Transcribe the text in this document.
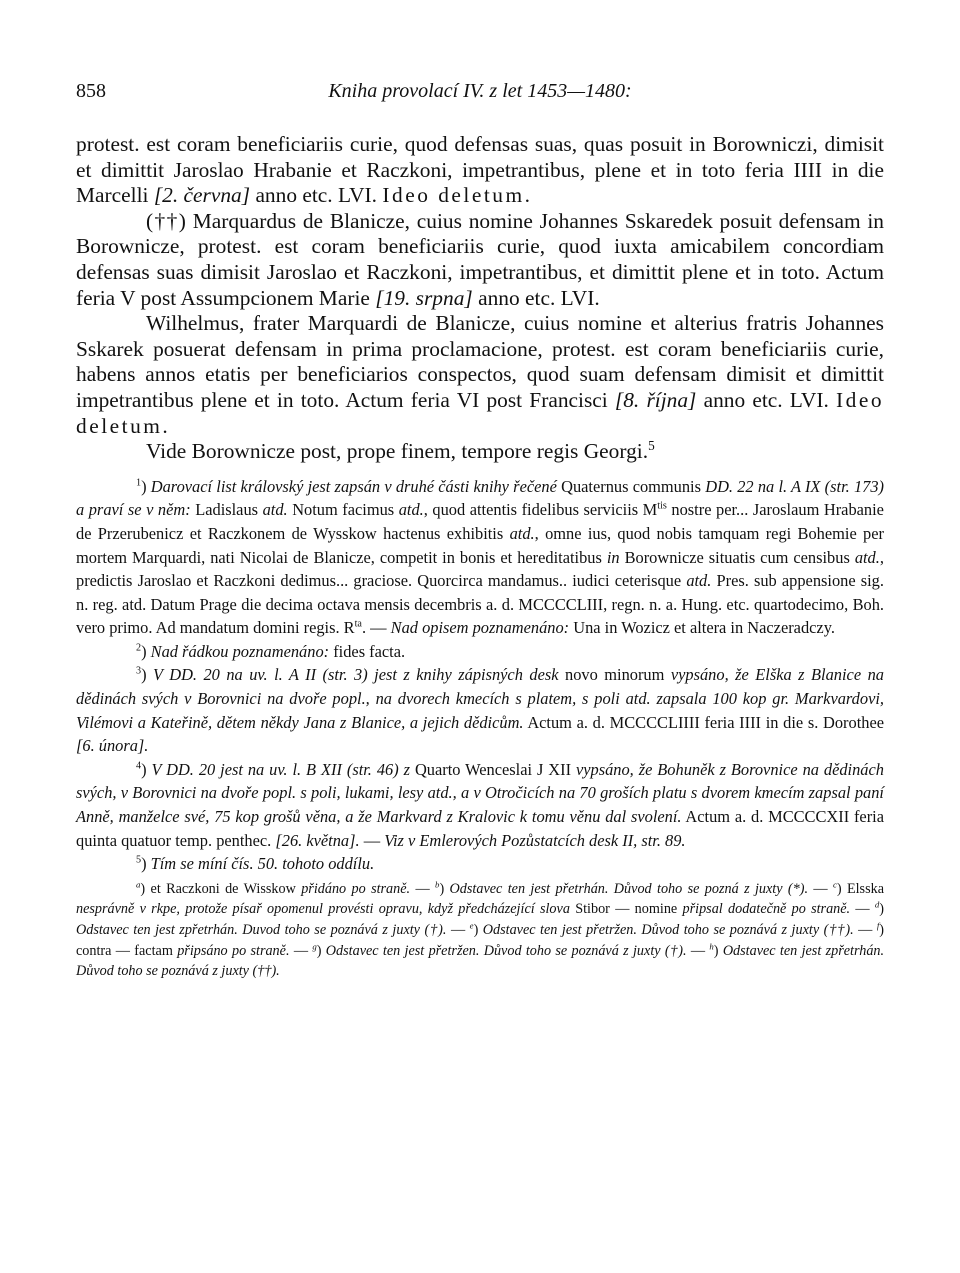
858	Kniha provolací IV. z let 1453—1480:

protest. est coram beneficiariis curie, quod defensas suas, quas posuit in Borowniczi, dimisit et dimittit Jaroslao Hrabanie et Raczkoni, impetrantibus, plene et in toto feria IIII in die Marcelli [2. června] anno etc. LVI. Ideo deletum.

(††) Marquardus de Blanicze, cuius nomine Johannes Sskaredek posuit defensam in Borownicze, protest. est coram beneficiariis curie, quod iuxta amicabilem concordiam defensas suas dimisit Jaroslao et Raczkoni, impetrantibus, et dimittit plene et in toto. Actum feria V post Assumpcionem Marie [19. srpna] anno etc. LVI.

Wilhelmus, frater Marquardi de Blanicze, cuius nomine et alterius fratris Johannes Sskarek posuerat defensam in prima proclamacione, protest. est coram beneficiariis curie, habens annos etatis per beneficiarios conspectos, quod suam defensam dimisit et dimittit impetrantibus plene et in toto. Actum feria VI post Francisci [8. října] anno etc. LVI. Ideo deletum.

Vide Borownicze post, prope finem, tempore regis Georgi.$^5$

$^1$) Darovací list královský jest zapsán v druhé části knihy řečené Quaternus communis DD. 22 na l. A IX (str. 173) a praví se v něm: Ladislaus atd. Notum facimus atd., quod attentis fidelibus serviciis $M^{tis}$ nostre per... Jaroslaum Hrabanie de Przerubenicz et Raczkonem de Wysskow hactenus exhibitis atd., omne ius, quod nobis tamquam regi Bohemie per mortem Marquardi, nati Nicolai de Blanicze, competit in bonis et hereditatibus in Borownicze situatis cum censibus atd., predictis Jaroslao et Raczkoni dedimus... graciose. Quorcirca mandamus.. iudici ceterisque atd. Pres. sub appensione sig. n. reg. atd. Datum Prage die decima octava mensis decembris a. d. MCCCCLIII, regn. n. a. Hung. etc. quartodecimo, Boh. vero primo. Ad mandatum domini regis. $R^{ta}$. — Nad opisem poznamenáno: Una in Wozicz et altera in Naczeradczy.

$^2$) Nad řádkou poznamenáno: fides facta.

$^3$) V DD. 20 na uv. l. A II (str. 3) jest z knihy zápisných desk novo minorum vypsáno, že Elška z Blanice na dědinách svých v Borovnici na dvoře popl., na dvorech kmecích s platem, s poli atd. zapsala 100 kop gr. Markvardovi, Vilémovi a Kateřině, dětem někdy Jana z Blanice, a jejich dědicům. Actum a. d. MCCCCLIIII feria IIII in die s. Dorothee [6. února].

$^4$) V DD. 20 jest na uv. l. B XII (str. 46) z Quarto Wenceslai J XII vypsáno, že Bohuněk z Borovnice na dědinách svých, v Borovnici na dvoře popl. s poli, lukami, lesy atd., a v Otročicích na 70 groších platu s dvorem kmecím zapsal paní Anně, manželce své, 75 kop grošů věna, a že Markvard z Kralovic k tomu věnu dal svolení. Actum a. d. MCCCCXII feria quinta quatuor temp. penthec. [26. května]. — Viz v Emlerových Pozůstatcích desk II, str. 89.

$^5$) Tím se míní čís. 50. tohoto oddílu.

$^a$) et Raczkoni de Wisskow přidáno po straně. — $^b$) Odstavec ten jest přetrhán. Důvod toho se pozná z juxty (*). — $^c$) Elsska nesprávně v rkpe, protože písař opomenul provésti opravu, když předcházející slova Stibor — nomine připsal dodatečně po straně. — $^d$) Odstavec ten jest zpřetrhán. Duvod toho se poznává z juxty (†). — $^e$) Odstavec ten jest přetržen. Důvod toho se poznává z juxty (††). — $^f$) contra — factam připsáno po straně. — $^g$) Odstavec ten jest přetržen. Důvod toho se poznává z juxty (†). — $^h$) Odstavec ten jest zpřetrhán. Důvod toho se poznává z juxty (††).
